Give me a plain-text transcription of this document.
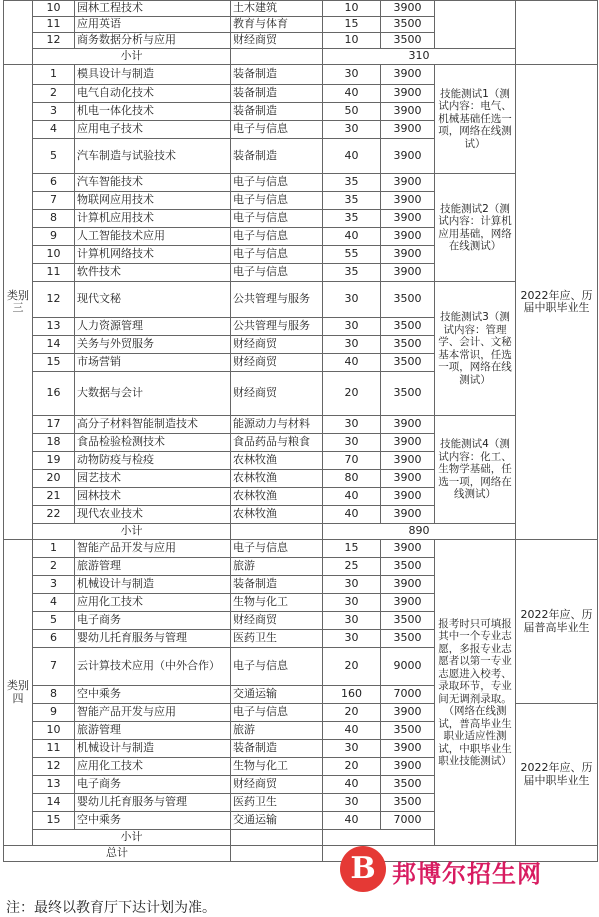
	10	园林工程技术	土木建筑	10	3900		
	11	应用英语	教育与体育	15	3500		
	12	商务数据分析与应用	财经商贸	10	3500		
	小计			310			
类别三	1	模具设计与制造	装备制造	30	3900	技能测试1（测试内容：电气、机械基础任选一项，网络在线测试）	2022年应、历届中职毕业生
	2	电气自动化技术	装备制造	40	3900		
	3	机电一体化技术	装备制造	50	3900		
	4	应用电子技术	电子与信息	30	3900		
	5	汽车制造与试验技术	装备制造	40	3900		
	6	汽车智能技术	电子与信息	35	3900	技能测试2（测试内容：计算机应用基础，网络在线测试）	
	7	物联网应用技术	电子与信息	35	3900		
	8	计算机应用技术	电子与信息	35	3900		
	9	人工智能技术应用	电子与信息	40	3900		
	10	计算机网络技术	电子与信息	55	3900		
	11	软件技术	电子与信息	35	3900		
	12	现代文秘	公共管理与服务	30	3500	技能测试3（测试内容：管理学、会计、文秘基本常识，任选一项，网络在线测试）	
	13	人力资源管理	公共管理与服务	30	3500		
	14	关务与外贸服务	财经商贸	30	3500		
	15	市场营销	财经商贸	40	3500		
	16	大数据与会计	财经商贸	20	3500		
	17	高分子材料智能制造技术	能源动力与材料	30	3900	技能测试4（测试内容：化工、生物学基础，任选一项，网络在线测试）	
	18	食品检验检测技术	食品药品与粮食	30	3900		
	19	动物防疫与检疫	农林牧渔	70	3900		
	20	园艺技术	农林牧渔	80	3900		
	21	园林技术	农林牧渔	40	3900		
	22	现代农业技术	农林牧渔	40	3900		
	小计			890			
类别四	1	智能产品开发与应用	电子与信息	15	3900	报考时只可填报其中一个专业志愿，多报专业志愿者以第一专业志愿进入校考、录取环节，专业间无调剂录取。（网络在线测试，普高毕业生职业适应性测试，中职毕业生职业技能测试）	2022年应、历届普高毕业生
	2	旅游管理	旅游	25	3500		
	3	机械设计与制造	装备制造	30	3900		
	4	应用化工技术	生物与化工	30	3900		
	5	电子商务	财经商贸	30	3500		
	6	婴幼儿托育服务与管理	医药卫生	30	3500		
	7	云计算技术应用（中外合作）	电子与信息	20	9000		
	8	空中乘务	交通运输	160	7000		
	9	智能产品开发与应用	电子与信息	20	3900		2022年应、历届中职毕业生
	10	旅游管理	旅游	40	3500		
	11	机械设计与制造	装备制造	30	3900		
	12	应用化工技术	生物与化工	20	3900		
	13	电子商务	财经商贸	40	3500		
	14	婴幼儿托育服务与管理	医药卫生	30	3500		
	15	空中乘务	交通运输	40	7000		
	小计						
总计								B 邦博尔招生网
注：最终以教育厅下达计划为准。
